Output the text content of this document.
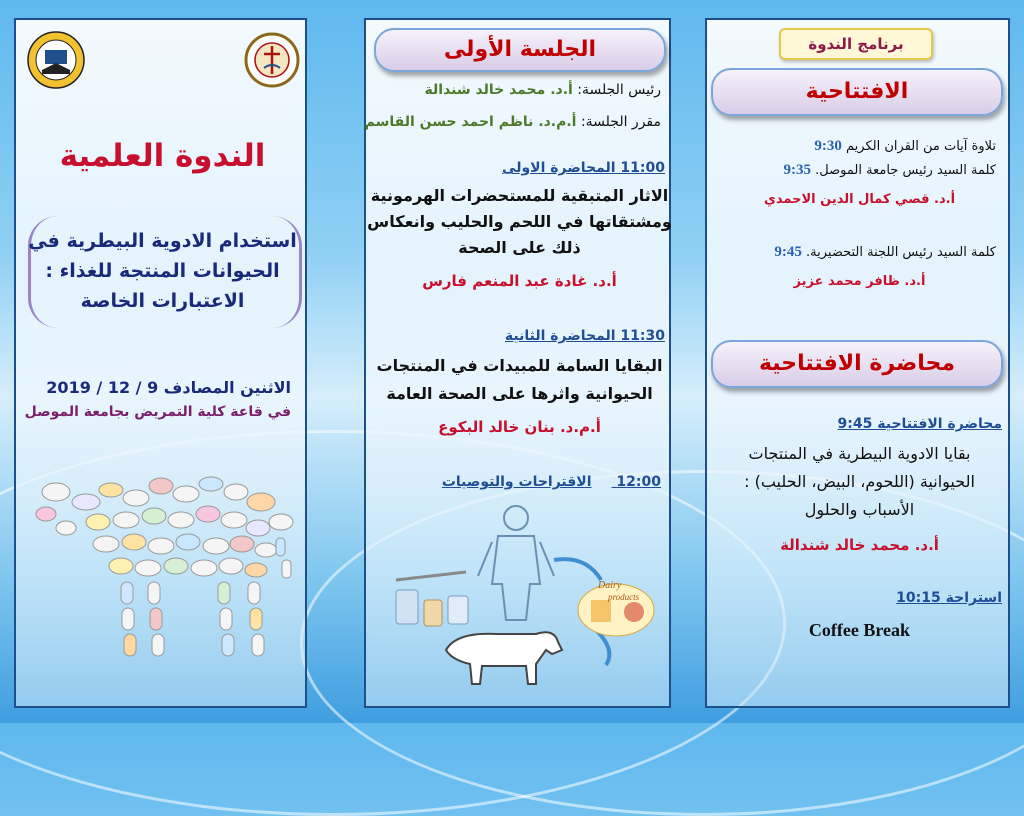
الندوة العلمية
استخدام الادوية البيطرية في
الحيوانات المنتجة للغذاء :
الاعتبارات الخاصة
الاثنين المصادف 9 / 12 / 2019
في قاعة كلية التمريض بجامعة الموصل
الجلسة الأولى
رئيس الجلسة: أ.د. محمد خالد شندالة
مقرر الجلسة: أ.م.د. ناظم احمد حسن القاسم
11:00 المحاضرة الاولى
الاثار المتبقية للمستحضرات الهرمونية
ومشتقاتها في اللحم والحليب وانعكاس
ذلك على الصحة
أ.د. غادة عبد المنعم فارس
11:30 المحاضرة الثانية
البقايا السامة للمبيدات في المنتجات
الحيوانية واثرها على الصحة العامة
أ.م.د. بنان خالد البكوع
12:00 الاقتراحات والتوصيات
Dairy
products
برنامج الندوة
الافتتاحية
تلاوة آيات من القران الكريم 9:30
كلمة السيد رئيس جامعة الموصل. 9:35
أ.د. قصي كمال الدين الاحمدي
كلمة السيد رئيس اللجنة التحضيرية. 9:45
أ.د. ظافر محمد عزيز
محاضرة الافتتاحية
محاضرة الافتتاحية 9:45
بقايا الادوية البيطرية في المنتجات
الحيوانية (اللحوم، البيض، الحليب) :
الأسباب والحلول
أ.د. محمد خالد شندالة
استراحة 10:15
Coffee Break
